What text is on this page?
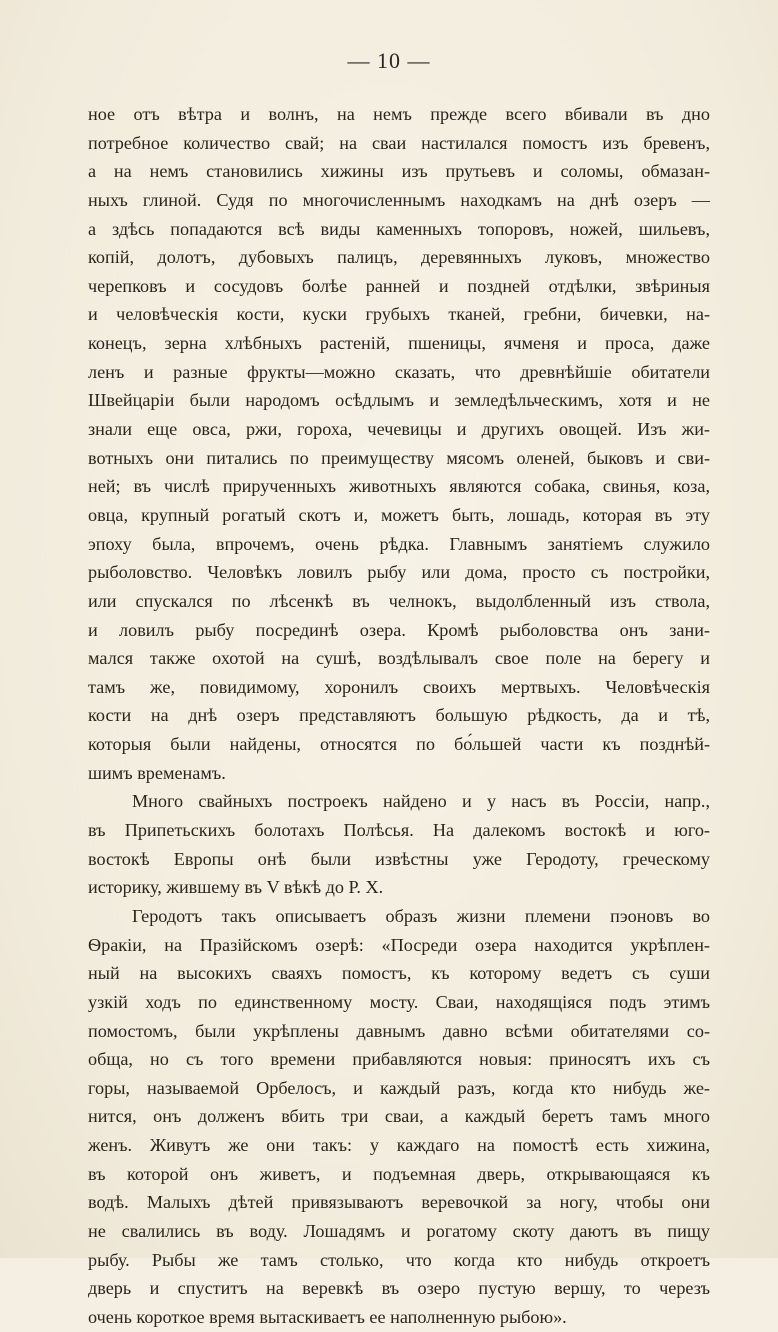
— 10 —
ное отъ вѣтра и волнъ, на немъ прежде всего вбивали въ дно
потребное количество свай; на сваи настилался помостъ изъ бревенъ,
а на немъ становились хижины изъ прутьевъ и соломы, обмазан-
ныхъ глиной. Судя по многочисленнымъ находкамъ на днѣ озеръ —
а здѣсь попадаются всѣ виды каменныхъ топоровъ, ножей, шильевъ,
копій, долотъ, дубовыхъ палицъ, деревянныхъ луковъ, множество
черепковъ и сосудовъ болѣе ранней и поздней отдѣлки, звѣриныя
и человѣческія кости, куски грубыхъ тканей, гребни, бичевки, на-
конецъ, зерна хлѣбныхъ растеній, пшеницы, ячменя и проса, даже
ленъ и разные фрукты—можно сказать, что древнѣйшіе обитатели
Швейцаріи были народомъ осѣдлымъ и земледѣльческимъ, хотя и не
знали еще овса, ржи, гороха, чечевицы и другихъ овощей. Изъ жи-
вотныхъ они питались по преимуществу мясомъ оленей, быковъ и сви-
ней; въ числѣ прирученныхъ животныхъ являются собака, свинья, коза,
овца, крупный рогатый скотъ и, можетъ быть, лошадь, которая въ эту
эпоху была, впрочемъ, очень рѣдка. Главнымъ занятіемъ служило
рыболовство. Человѣкъ ловилъ рыбу или дома, просто съ постройки,
или спускался по лѣсенкѣ въ челнокъ, выдолбленный изъ ствола,
и ловилъ рыбу посрединѣ озера. Кромѣ рыболовства онъ зани-
мался также охотой на сушѣ, воздѣлывалъ свое поле на берегу и
тамъ же, повидимому, хоронилъ своихъ мертвыхъ. Человѣческія
кости на днѣ озеръ представляютъ большую рѣдкость, да и тѣ,
которыя были найдены, относятся по бо́льшей части къ позднѣй-
шимъ временамъ.
Много свайныхъ построекъ найдено и у насъ въ Россіи, напр.,
въ Припетьскихъ болотахъ Полѣсья. На далекомъ востокѣ и юго-
востокѣ Европы онѣ были извѣстны уже Геродоту, греческому
историку, жившему въ V вѣкѣ до Р. Х.
Геродотъ такъ описываетъ образъ жизни племени пэоновъ во
Ѳракіи, на Празійскомъ озерѣ: «Посреди озера находится укрѣплен-
ный на высокихъ сваяхъ помостъ, къ которому ведетъ съ суши
узкій ходъ по единственному мосту. Сваи, находящіяся подъ этимъ
помостомъ, были укрѣплены давнымъ давно всѣми обитателями со-
обща, но съ того времени прибавляются новыя: приносятъ ихъ съ
горы, называемой Орбелосъ, и каждый разъ, когда кто нибудь же-
нится, онъ долженъ вбить три сваи, а каждый беретъ тамъ много
женъ. Живутъ же они такъ: у каждаго на помостѣ есть хижина,
въ которой онъ живетъ, и подъемная дверь, открывающаяся къ
водѣ. Малыхъ дѣтей привязываютъ веревочкой за ногу, чтобы они
не свалились въ воду. Лошадямъ и рогатому скоту даютъ въ пищу
рыбу. Рыбы же тамъ столько, что когда кто нибудь откроетъ
дверь и спуститъ на веревкѣ въ озеро пустую вершу, то черезъ
очень короткое время вытаскиваетъ ее наполненную рыбою».
